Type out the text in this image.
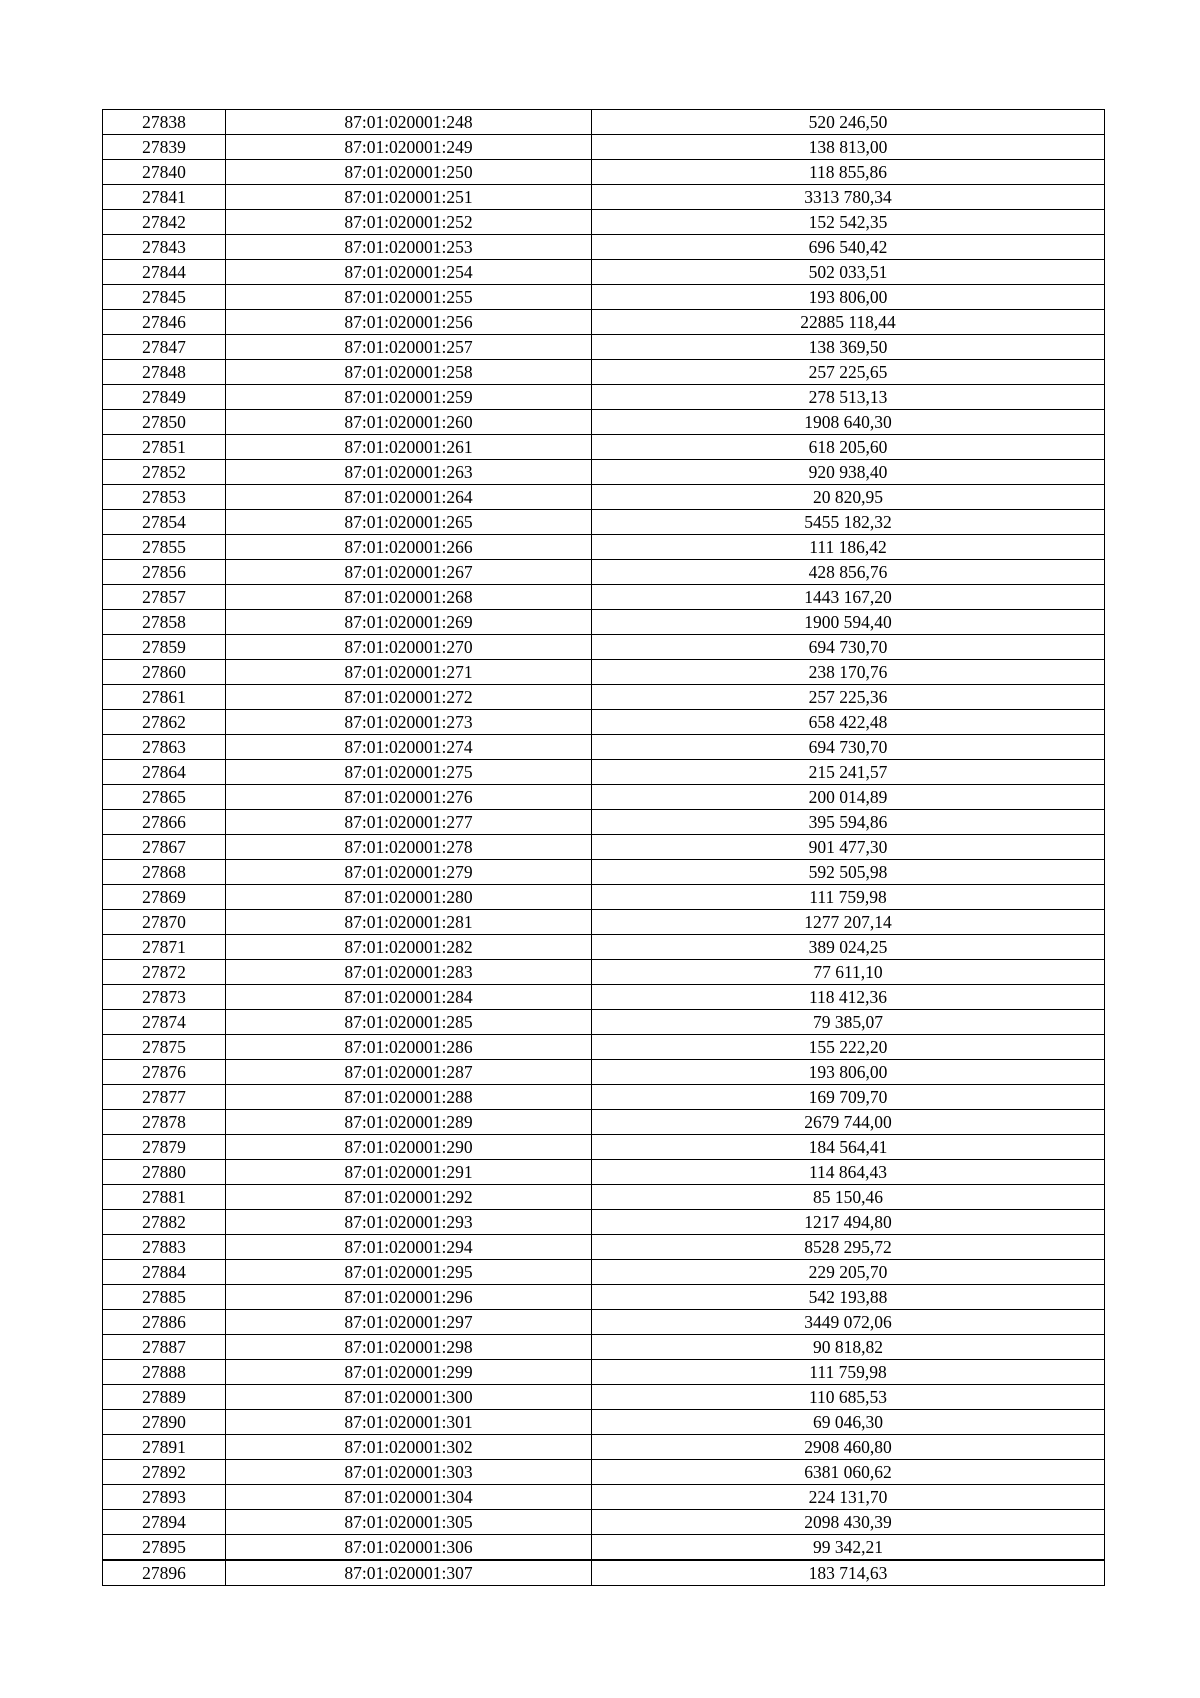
27838	87:01:020001:248	520 246,50
27839	87:01:020001:249	138 813,00
27840	87:01:020001:250	118 855,86
27841	87:01:020001:251	3313 780,34
27842	87:01:020001:252	152 542,35
27843	87:01:020001:253	696 540,42
27844	87:01:020001:254	502 033,51
27845	87:01:020001:255	193 806,00
27846	87:01:020001:256	22885 118,44
27847	87:01:020001:257	138 369,50
27848	87:01:020001:258	257 225,65
27849	87:01:020001:259	278 513,13
27850	87:01:020001:260	1908 640,30
27851	87:01:020001:261	618 205,60
27852	87:01:020001:263	920 938,40
27853	87:01:020001:264	20 820,95
27854	87:01:020001:265	5455 182,32
27855	87:01:020001:266	111 186,42
27856	87:01:020001:267	428 856,76
27857	87:01:020001:268	1443 167,20
27858	87:01:020001:269	1900 594,40
27859	87:01:020001:270	694 730,70
27860	87:01:020001:271	238 170,76
27861	87:01:020001:272	257 225,36
27862	87:01:020001:273	658 422,48
27863	87:01:020001:274	694 730,70
27864	87:01:020001:275	215 241,57
27865	87:01:020001:276	200 014,89
27866	87:01:020001:277	395 594,86
27867	87:01:020001:278	901 477,30
27868	87:01:020001:279	592 505,98
27869	87:01:020001:280	111 759,98
27870	87:01:020001:281	1277 207,14
27871	87:01:020001:282	389 024,25
27872	87:01:020001:283	77 611,10
27873	87:01:020001:284	118 412,36
27874	87:01:020001:285	79 385,07
27875	87:01:020001:286	155 222,20
27876	87:01:020001:287	193 806,00
27877	87:01:020001:288	169 709,70
27878	87:01:020001:289	2679 744,00
27879	87:01:020001:290	184 564,41
27880	87:01:020001:291	114 864,43
27881	87:01:020001:292	85 150,46
27882	87:01:020001:293	1217 494,80
27883	87:01:020001:294	8528 295,72
27884	87:01:020001:295	229 205,70
27885	87:01:020001:296	542 193,88
27886	87:01:020001:297	3449 072,06
27887	87:01:020001:298	90 818,82
27888	87:01:020001:299	111 759,98
27889	87:01:020001:300	110 685,53
27890	87:01:020001:301	69 046,30
27891	87:01:020001:302	2908 460,80
27892	87:01:020001:303	6381 060,62
27893	87:01:020001:304	224 131,70
27894	87:01:020001:305	2098 430,39
27895	87:01:020001:306	99 342,21
27896	87:01:020001:307	183 714,63
